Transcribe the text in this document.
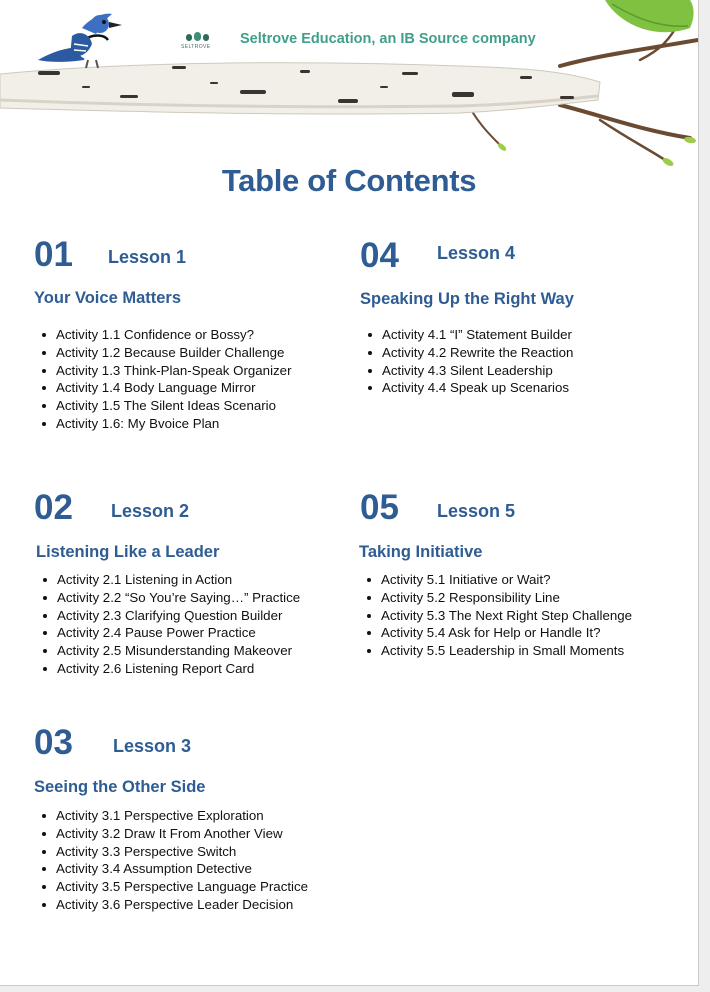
SELTROVE Seltrove Education, an IB Source company
Table of Contents
01 Lesson 1
Your Voice Matters
Activity 1.1 Confidence or Bossy?
Activity 1.2 Because Builder Challenge
Activity 1.3 Think-Plan-Speak Organizer
Activity 1.4 Body Language Mirror
Activity 1.5 The Silent Ideas Scenario
Activity 1.6: My Bvoice Plan
04 Lesson 4
Speaking Up the Right Way
Activity 4.1 “I” Statement Builder
Activity 4.2 Rewrite the Reaction
Activity 4.3 Silent Leadership
Activity 4.4 Speak up Scenarios
02 Lesson 2
Listening Like a Leader
Activity 2.1 Listening in Action
Activity 2.2 “So You’re Saying…” Practice
Activity 2.3 Clarifying Question Builder
Activity 2.4 Pause Power Practice
Activity 2.5 Misunderstanding Makeover
Activity 2.6 Listening Report Card
05 Lesson 5
Taking Initiative
Activity 5.1 Initiative or Wait?
Activity 5.2 Responsibility Line
Activity 5.3 The Next Right Step Challenge
Activity 5.4 Ask for Help or Handle It?
Activity 5.5 Leadership in Small Moments
03 Lesson 3
Seeing the Other Side
Activity 3.1 Perspective Exploration
Activity 3.2 Draw It From Another View
Activity 3.3 Perspective Switch
Activity 3.4 Assumption Detective
Activity 3.5 Perspective Language Practice
Activity 3.6 Perspective Leader Decision
